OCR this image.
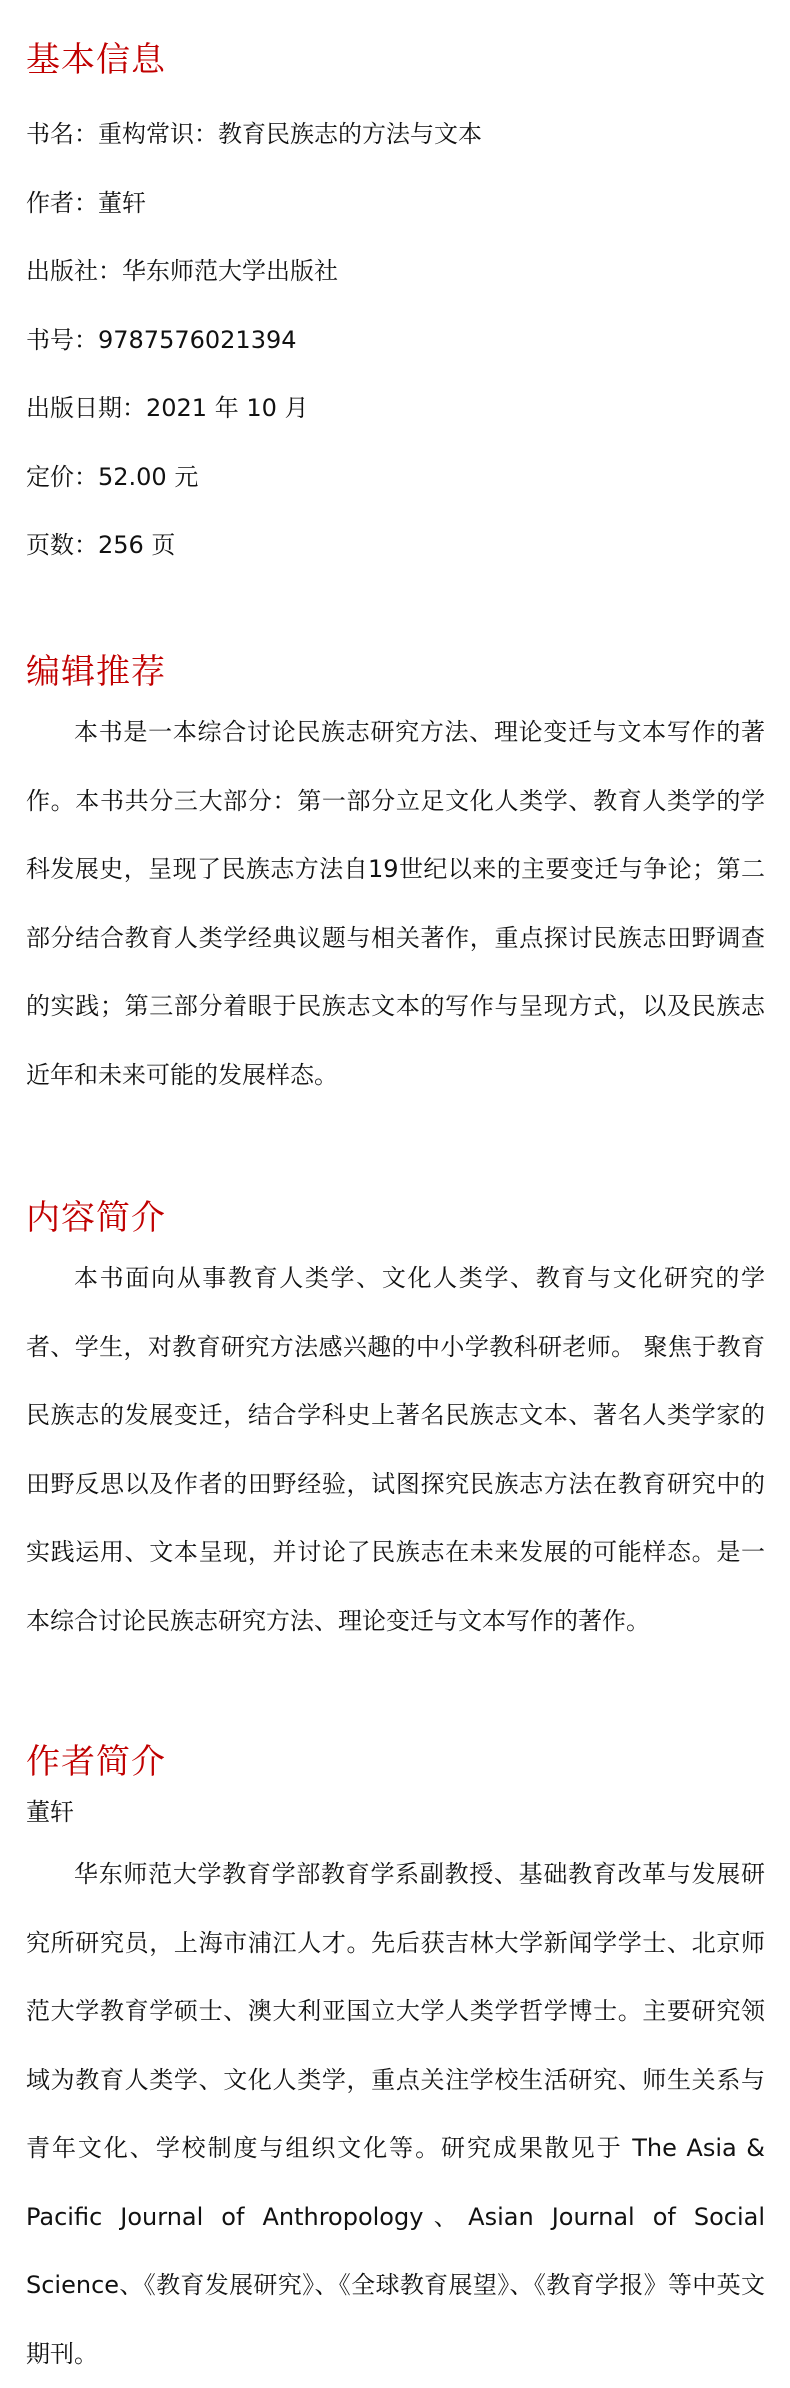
基本信息

书名：重构常识：教育民族志的方法与文本

作者：董轩

出版社：华东师范大学出版社

书号：9787576021394

出版日期：2021 年 10 月

定价：52.00 元

页数：256 页

编辑推荐

本书是一本综合讨论民族志研究方法、理论变迁与文本写作的著作。本书共分三大部分：第一部分立足文化人类学、教育人类学的学科发展史，呈现了民族志方法自19世纪以来的主要变迁与争论；第二部分结合教育人类学经典议题与相关著作，重点探讨民族志田野调查的实践；第三部分着眼于民族志文本的写作与呈现方式，以及民族志近年和未来可能的发展样态。

内容简介

本书面向从事教育人类学、文化人类学、教育与文化研究的学者、学生，对教育研究方法感兴趣的中小学教科研老师。 聚焦于教育民族志的发展变迁，结合学科史上著名民族志文本、著名人类学家的田野反思以及作者的田野经验，试图探究民族志方法在教育研究中的实践运用、文本呈现，并讨论了民族志在未来发展的可能样态。是一本综合讨论民族志研究方法、理论变迁与文本写作的著作。

作者简介

董轩

华东师范大学教育学部教育学系副教授、基础教育改革与发展研究所研究员，上海市浦江人才。先后获吉林大学新闻学学士、北京师范大学教育学硕士、澳大利亚国立大学人类学哲学博士。主要研究领域为教育人类学、文化人类学，重点关注学校生活研究、师生关系与青年文化、学校制度与组织文化等。研究成果散见于 The Asia & Pacific Journal of Anthropology、Asian Journal of Social Science、《教育发展研究》、《全球教育展望》、《教育学报》等中英文期刊。
